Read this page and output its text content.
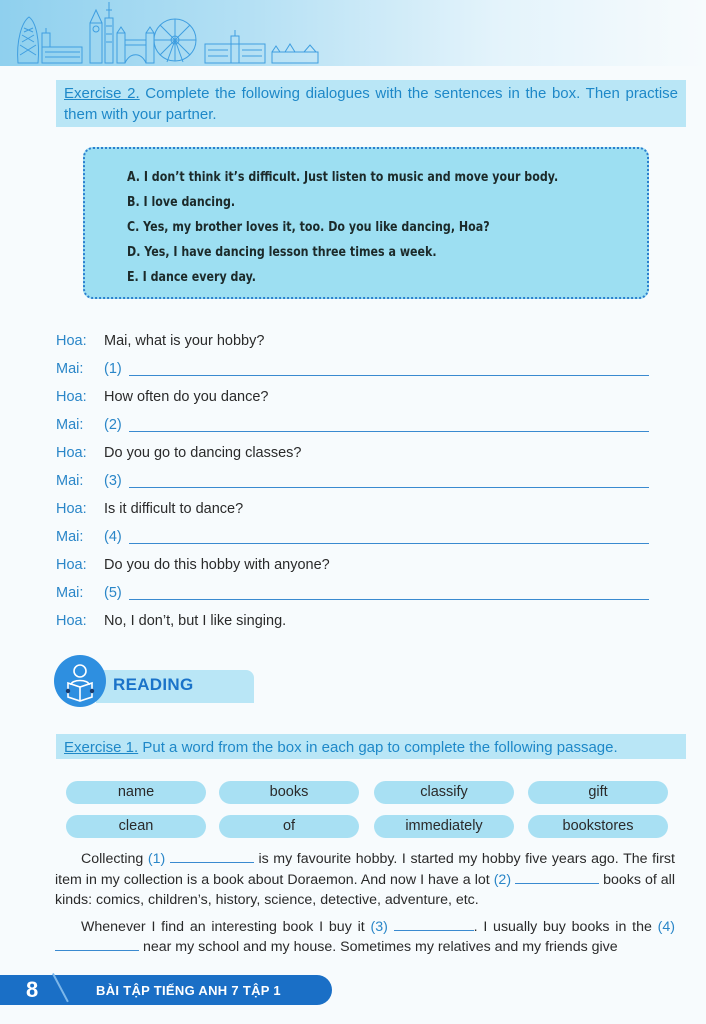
Exercise 2. Complete the following dialogues with the sentences in the box. Then practise them with your partner.
A. I don’t think it’s difficult. Just listen to music and move your body.
B. I love dancing.
C. Yes, my brother loves it, too. Do you like dancing, Hoa?
D. Yes, I have dancing lesson three times a week.
E. I dance every day.
Hoa: Mai, what is your hobby?
Mai: (1)
Hoa: How often do you dance?
Mai: (2)
Hoa: Do you go to dancing classes?
Mai: (3)
Hoa: Is it difficult to dance?
Mai: (4)
Hoa: Do you do this hobby with anyone?
Mai: (5)
Hoa: No, I don’t, but I like singing.
READING
Exercise 1. Put a word from the box in each gap to complete the following passage.
name	books	classify	gift
clean	of	immediately	bookstores

Collecting (1)	is my favourite hobby. I started my hobby five years ago. The first item in my collection is a book about Doraemon. And now I have a lot (2)	books of all kinds: comics, children’s, history, science, detective, adventure, etc.

Whenever I find an interesting book I buy it (3)	. I usually buy books in the (4)  near my school and my house. Sometimes my relatives and my friends give

8	BÀI TẬP TIẾNG ANH 7 TẬP 1
